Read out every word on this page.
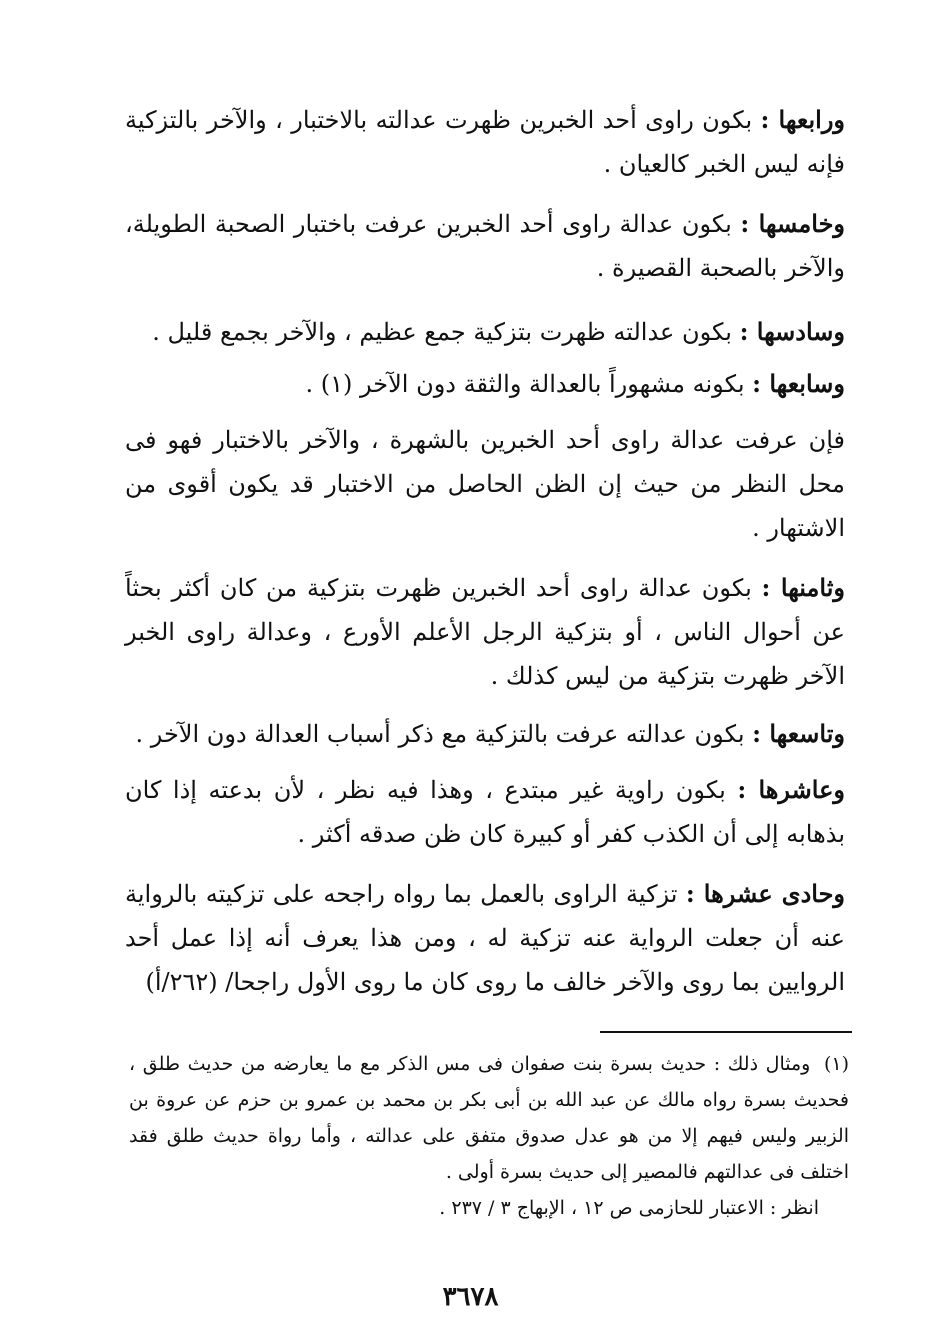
ورابعها : بكون راوى أحد الخبرين ظهرت عدالته بالاختبار ، والآخر بالتزكية فإنه ليس الخبر كالعيان .
وخامسها : بكون عدالة راوى أحد الخبرين عرفت باختبار الصحبة الطويلة، والآخر بالصحبة القصيرة .
وسادسها : بكون عدالته ظهرت بتزكية جمع عظيم ، والآخر بجمع قليل .
وسابعها : بكونه مشهوراً بالعدالة والثقة دون الآخر (١) .
فإن عرفت عدالة راوى أحد الخبرين بالشهرة ، والآخر بالاختبار فهو فى محل النظر من حيث إن الظن الحاصل من الاختبار قد يكون أقوى من الاشتهار .
وثامنها : بكون عدالة راوى أحد الخبرين ظهرت بتزكية من كان أكثر بحثاً عن أحوال الناس ، أو بتزكية الرجل الأعلم الأورع ، وعدالة راوى الخبر الآخر ظهرت بتزكية من ليس كذلك .
وتاسعها : بكون عدالته عرفت بالتزكية مع ذكر أسباب العدالة دون الآخر .
وعاشرها : بكون راوية غير مبتدع ، وهذا فيه نظر ، لأن بدعته إذا كان بذهابه إلى أن الكذب كفر أو كبيرة كان ظن صدقه أكثر .
وحادى عشرها : تزكية الراوى بالعمل بما رواه راجحه على تزكيته بالرواية عنه أن جعلت الرواية عنه تزكية له ، ومن هذا يعرف أنه إذا عمل أحد الروايين بما روى والآخر خالف ما روى كان ما روى الأول راجحا/ (٢٦٢/أ)
(١) ومثال ذلك : حديث بسرة بنت صفوان فى مس الذكر مع ما يعارضه من حديث طلق ، فحديث بسرة رواه مالك عن عبد الله بن أبى بكر بن محمد بن عمرو بن حزم عن عروة بن الزبير وليس فيهم إلا من هو عدل صدوق متفق على عدالته ، وأما رواة حديث طلق فقد اختلف فى عدالتهم فالمصير إلى حديث بسرة أولى .
انظر : الاعتبار للحازمى ص ١٢ ، الإبهاج ٣ / ٢٣٧ .
٣٦٧٨
